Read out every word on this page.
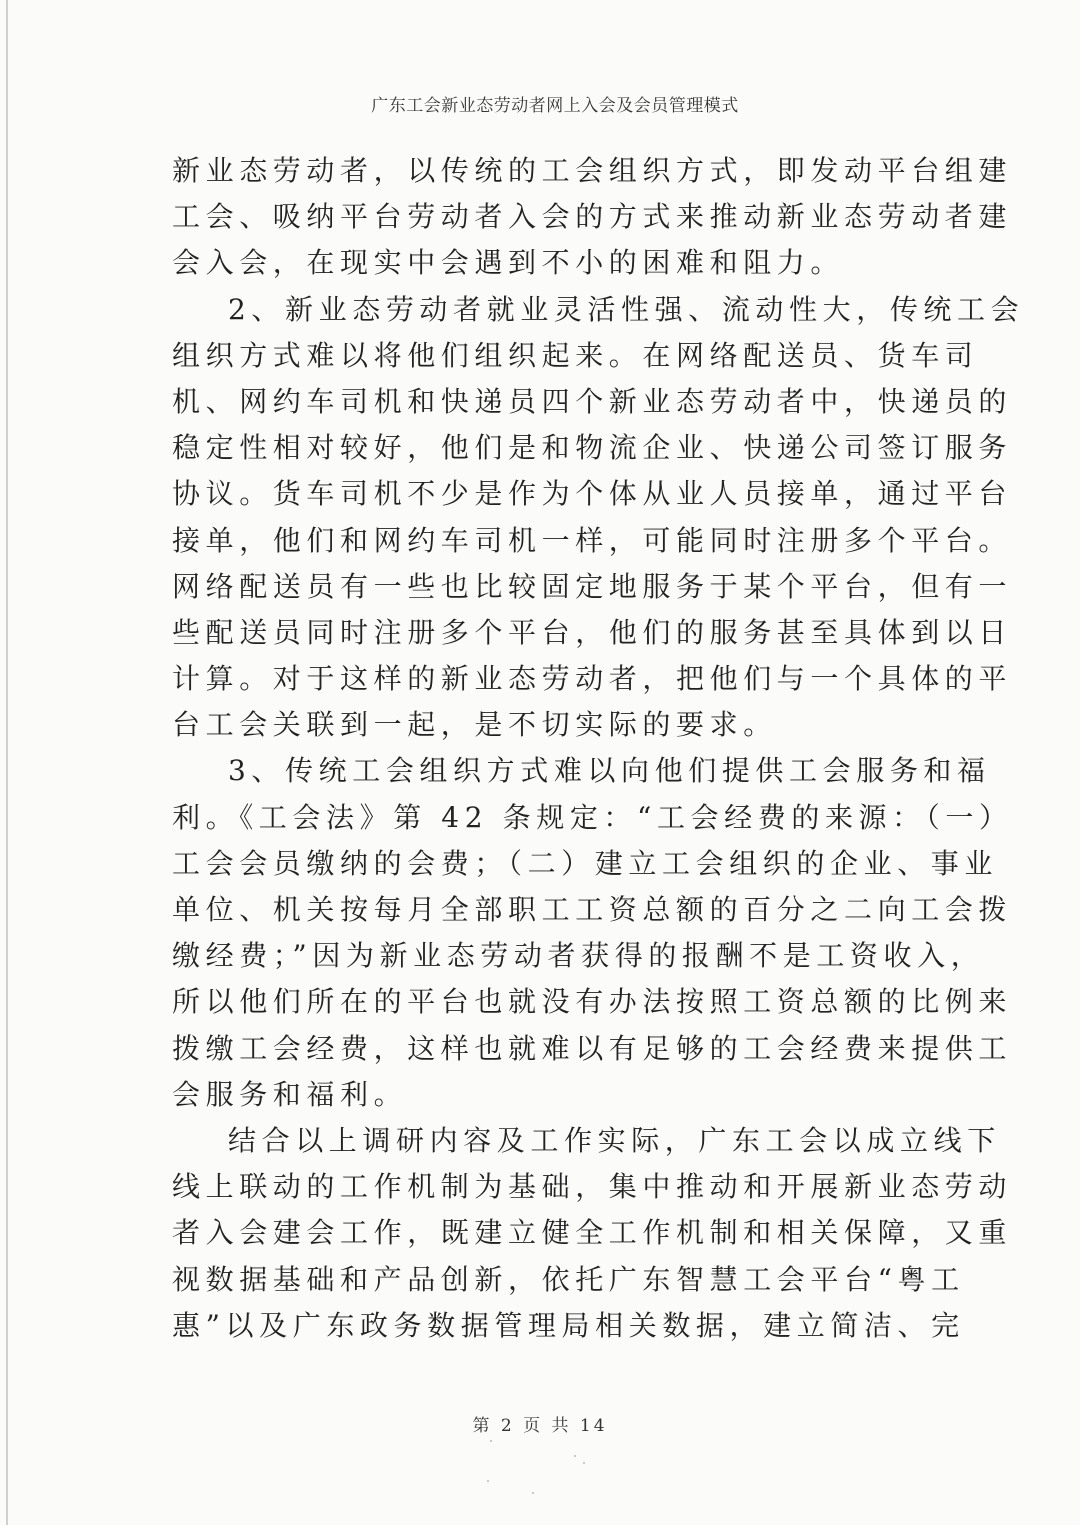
广东工会新业态劳动者网上入会及会员管理模式
新业态劳动者，以传统的工会组织方式，即发动平台组建
工会、吸纳平台劳动者入会的方式来推动新业态劳动者建
会入会，在现实中会遇到不小的困难和阻力。
2、新业态劳动者就业灵活性强、流动性大，传统工会
组织方式难以将他们组织起来。在网络配送员、货车司
机、网约车司机和快递员四个新业态劳动者中，快递员的
稳定性相对较好，他们是和物流企业、快递公司签订服务
协议。货车司机不少是作为个体从业人员接单，通过平台
接单，他们和网约车司机一样，可能同时注册多个平台。
网络配送员有一些也比较固定地服务于某个平台，但有一
些配送员同时注册多个平台，他们的服务甚至具体到以日
计算。对于这样的新业态劳动者，把他们与一个具体的平
台工会关联到一起，是不切实际的要求。
3、传统工会组织方式难以向他们提供工会服务和福
利。《工会法》第 42 条规定：“工会经费的来源：（一）
工会会员缴纳的会费；（二）建立工会组织的企业、事业
单位、机关按每月全部职工工资总额的百分之二向工会拨
缴经费；”因为新业态劳动者获得的报酬不是工资收入，
所以他们所在的平台也就没有办法按照工资总额的比例来
拨缴工会经费，这样也就难以有足够的工会经费来提供工
会服务和福利。
结合以上调研内容及工作实际，广东工会以成立线下
线上联动的工作机制为基础，集中推动和开展新业态劳动
者入会建会工作，既建立健全工作机制和相关保障，又重
视数据基础和产品创新，依托广东智慧工会平台“粤工
惠”以及广东政务数据管理局相关数据，建立简洁、完
第 2 页 共 14
